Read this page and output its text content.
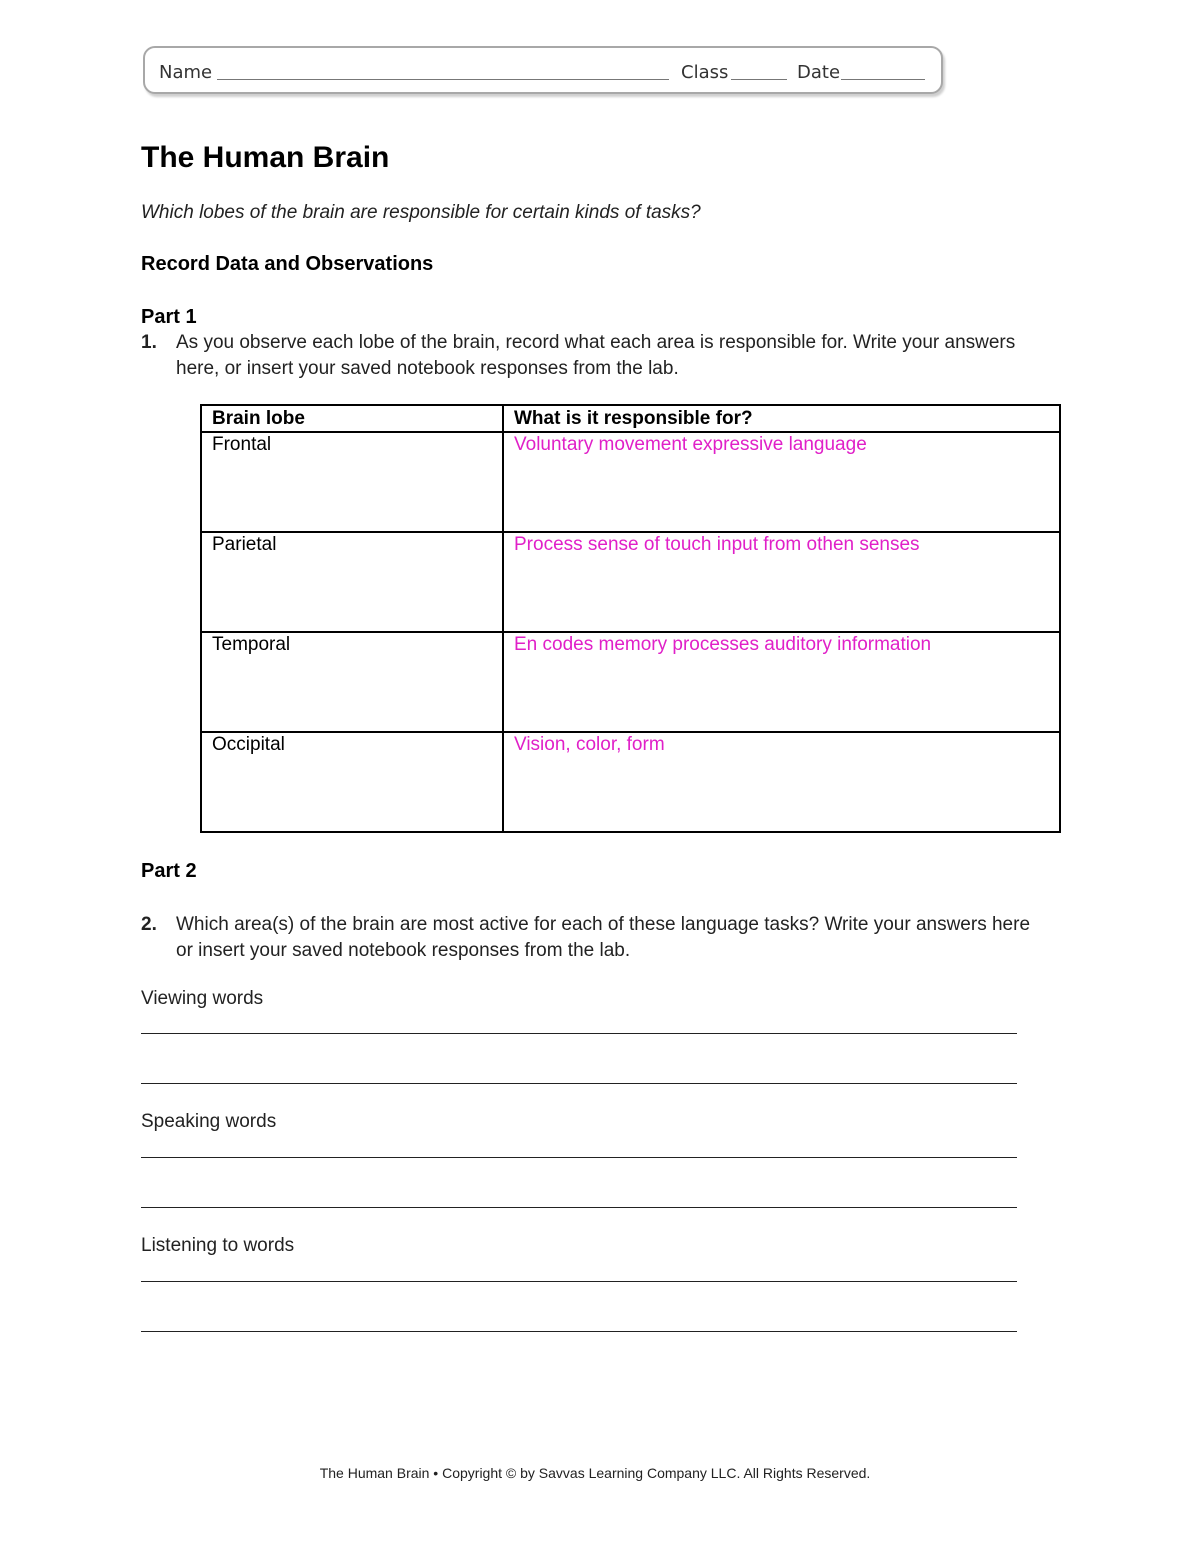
Name	Class	Date
The Human Brain
Which lobes of the brain are responsible for certain kinds of tasks?
Record Data and Observations
Part 1
1. As you observe each lobe of the brain, record what each area is responsible for. Write your answers here, or insert your saved notebook responses from the lab.
Brain lobe	What is it responsible for?
Frontal	Voluntary movement expressive language
Parietal	Process sense of touch input from othen senses
Temporal	En codes memory processes auditory information
Occipital	Vision, color, form
Part 2
2. Which area(s) of the brain are most active for each of these language tasks? Write your answers here or insert your saved notebook responses from the lab.
Viewing words
Speaking words
Listening to words
The Human Brain • Copyright © by Savvas Learning Company LLC. All Rights Reserved.
